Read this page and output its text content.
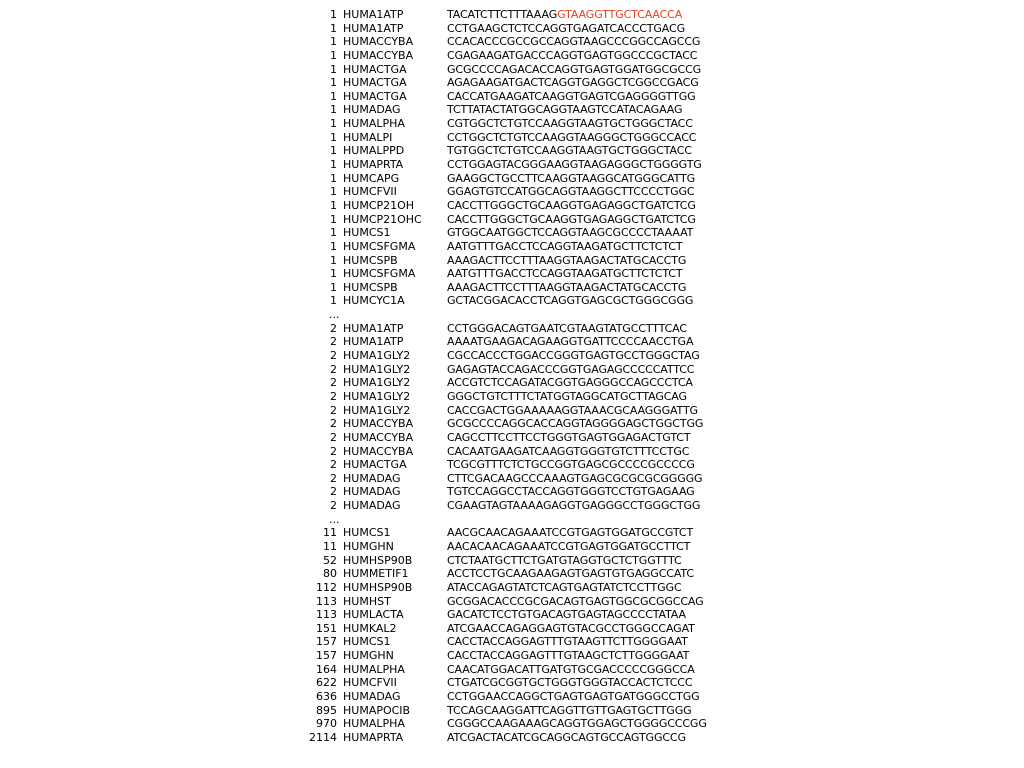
1 HUMA1ATP	TACATCTTCTTTAAAGGTAAGGTTGCTCAACCA
1 HUMA1ATP	CCTGAAGCTCTCCAGGTGAGATCACCCTGACG
1 HUMACCYBA	CCACACCCGCCGCCAGGTAAGCCCGGCCAGCCG
1 HUMACCYBA	CGAGAAGATGACCCAGGTGAGTGGCCCGCTACC
1 HUMACTGA	GCGCCCCAGACACCAGGTGAGTGGATGGCGCCG
1 HUMACTGA	AGAGAAGATGACTCAGGTGAGGCTCGGCCGACG
1 HUMACTGA	CACCATGAAGATCAAGGTGAGTCGAGGGGTTGG
1 HUMADAG	TCTTATACTATGGCAGGTAAGTCCATACAGAAG
1 HUMALPHA	CGTGGCTCTGTCCAAGGTAAGTGCTGGGCTACC
1 HUMALPI	CCTGGCTCTGTCCAAGGTAAGGGCTGGGCCACC
1 HUMALPPD	TGTGGCTCTGTCCAAGGTAAGTGCTGGGCTACC
1 HUMAPRTA	CCTGGAGTACGGGAAGGTAAGAGGGCTGGGGTG
1 HUMCAPG	GAAGGCTGCCTTCAAGGTAAGGCATGGGCATTG
1 HUMCFVII	GGAGTGTCCATGGCAGGTAAGGCTTCCCCTGGC
1 HUMCP21OH	CACCTTGGGCTGCAAGGTGAGAGGCTGATCTCG
1 HUMCP21OHC CACCTTGGGCTGCAAGGTGAGAGGCTGATCTCG
1 HUMCS1	GTGGCAATGGCTCCAGGTAAGCGCCCCTAAAAT
1 HUMCSFGMA	AATGTTTGACCTCCAGGTAAGATGCTTCTCTCT
1 HUMCSPB	AAAGACTTCCTTTAAGGTAAGACTATGCACCTG
1 HUMCSFGMA	AATGTTTGACCTCCAGGTAAGATGCTTCTCTCT
1 HUMCSPB	AAAGACTTCCTTTAAGGTAAGACTATGCACCTG
1 HUMCYC1A	GCTACGGACACCTCAGGTGAGCGCTGGGCGGG
...
2 HUMA1ATP	CCTGGGACAGTGAATCGTAAGTATGCCTTTCAC
2 HUMA1ATP	AAAATGAAGACAGAAGGTGATTCCCCAACCTGA
2 HUMA1GLY2	CGCCACCCTGGACCGGGTGAGTGCCTGGGCTAG
2 HUMA1GLY2	GAGAGTACCAGACCCGGTGAGAGCCCCCATTCC
2 HUMA1GLY2	ACCGTCTCCAGATACGGTGAGGGCCAGCCCTCA
2 HUMA1GLY2	GGGCTGTCTTTCTATGGTAGGCATGCTTAGCAG
2 HUMA1GLY2	CACCGACTGGAAAAAGGTAAACGCAAGGGATTG
2 HUMACCYBA	GCGCCCCAGGCACCAGGTAGGGGAGCTGGCTGG
2 HUMACCYBA	CAGCCTTCCTTCCTGGGTGAGTGGAGACTGTCT
2 HUMACCYBA	CACAATGAAGATCAAGGTGGGTGTCTTTCCTGC
2 HUMACTGA	TCGCGTTTCTCTGCCGGTGAGCGCCCCGCCCCG
2 HUMADAG	CTTCGACAAGCCCAAAGTGAGCGCGCGCGGGGG
2 HUMADAG	TGTCCAGGCCTACCAGGTGGGTCCTGTGAGAAG
2 HUMADAG	CGAAGTAGTAAAAGAGGTGAGGGCCTGGGCTGG
...
11 HUMCS1	AACGCAACAGAAATCCGTGAGTGGATGCCGTCT
11 HUMGHN	AACACAACAGAAATCCGTGAGTGGATGCCTTCT
52 HUMHSP90B	CTCTAATGCTTCTGATGTAGGTGCTCTGGTTTC
80 HUMMETIF1	ACCTCCTGCAAGAAGAGTGAGTGTGAGGCCATC
112 HUMHSP90B	ATACCAGAGTATCTCAGTGAGTATCTCCTTGGC
113 HUMHST	GCGGACACCCGCGACAGTGAGTGGCGCGGCCAG
113 HUMLACTA	GACATCTCCTGTGACAGTGAGTAGCCCCTATAA
151 HUMKAL2	ATCGAACCAGAGGAGTGTACGCCTGGGCCAGAT
157 HUMCS1	CACCTACCAGGAGTTTGTAAGTTCTTGGGGAAT
157 HUMGHN	CACCTACCAGGAGTTTGTAAGCTCTTGGGGAAT
164 HUMALPHA	CAACATGGACATTGATGTGCGACCCCCGGGCCA
622 HUMCFVII	CTGATCGCGGTGCTGGGTGGGTACCACTCTCCC
636 HUMADAG	CCTGGAACCAGGCTGAGTGAGTGATGGGCCTGG
895 HUMAPOCIB	TCCAGCAAGGATTCAGGTTGTTGAGTGCTTGGG
970 HUMALPHA	CGGGCCAAGAAAGCAGGTGGAGCTGGGGCCCGG
2114 HUMAPRTA	ATCGACTACATCGCAGGCAGTGCCAGTGGCCG
